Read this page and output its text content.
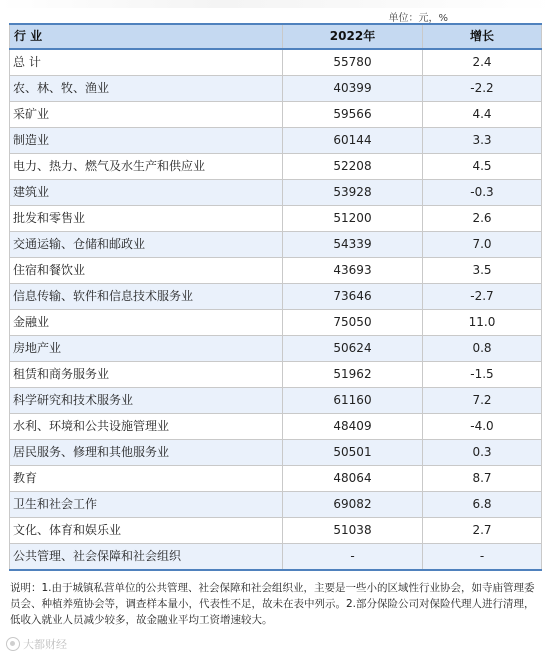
单位：元，%
行 业	2022年	增长
总 计	55780	2.4
农、林、牧、渔业	40399	-2.2
采矿业	59566	4.4
制造业	60144	3.3
电力、热力、燃气及水生产和供应业	52208	4.5
建筑业	53928	-0.3
批发和零售业	51200	2.6
交通运输、仓储和邮政业	54339	7.0
住宿和餐饮业	43693	3.5
信息传输、软件和信息技术服务业	73646	-2.7
金融业	75050	11.0
房地产业	50624	0.8
租赁和商务服务业	51962	-1.5
科学研究和技术服务业	61160	7.2
水利、环境和公共设施管理业	48409	-4.0
居民服务、修理和其他服务业	50501	0.3
教育	48064	8.7
卫生和社会工作	69082	6.8
文化、体育和娱乐业	51038	2.7
公共管理、社会保障和社会组织	-	-
说明：1.由于城镇私营单位的公共管理、社会保障和社会组织业，主要是一些小的区域性行业协会，如寺庙管理委员会、种植养殖协会等，调查样本量小，代表性不足，故未在表中列示。2.部分保险公司对保险代理人进行清理，低收入就业人员减少较多，故金融业平均工资增速较大。
大都财经
